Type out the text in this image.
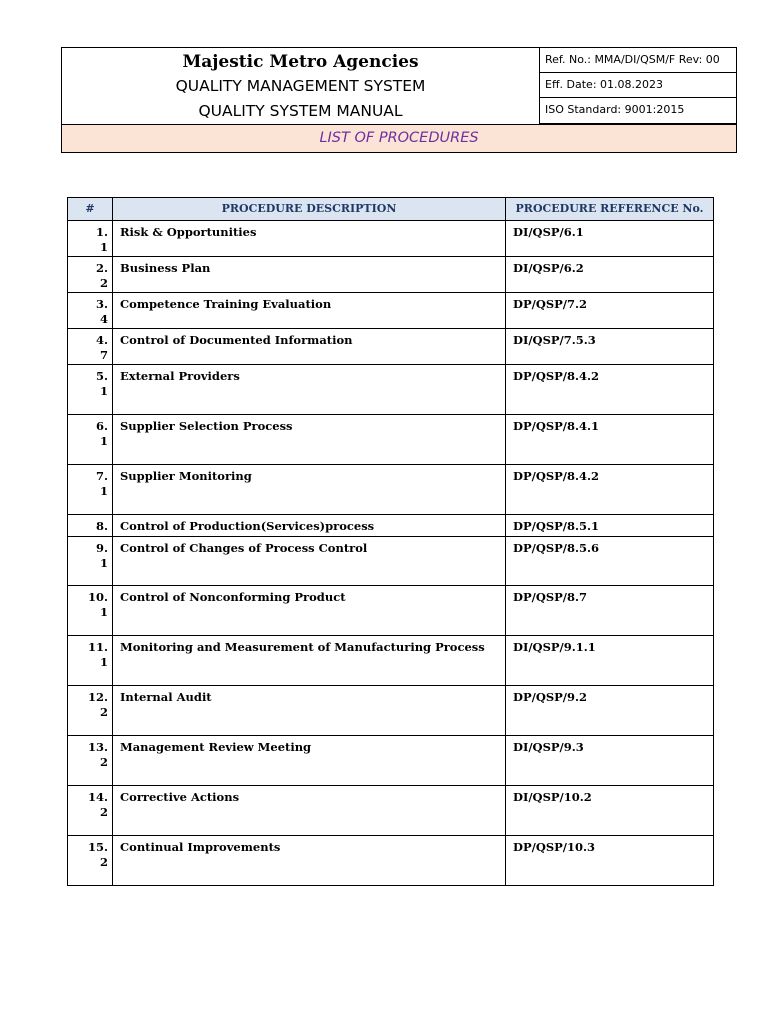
Majestic Metro Agencies
QUALITY MANAGEMENT SYSTEM
QUALITY SYSTEM MANUAL
Ref. No.: MMA/DI/QSM/F Rev: 00
Eff. Date: 01.08.2023
ISO Standard: 9001:2015
LIST OF PROCEDURES
#	PROCEDURE DESCRIPTION	PROCEDURE REFERENCE No.

1.
1	Risk & Opportunities	DI/QSP/6.1

2.
2	Business Plan	DI/QSP/6.2

3.
4	Competence Training Evaluation	DP/QSP/7.2

4.
7	Control of Documented Information	DI/QSP/7.5.3

5.
1	External Providers	DP/QSP/8.4.2

6.
1	Supplier Selection Process	DP/QSP/8.4.1

7.
1	Supplier Monitoring	DP/QSP/8.4.2

8.	Control of Production(Services)process	DP/QSP/8.5.1

9.
1	Control of Changes of Process Control	DP/QSP/8.5.6

10.
1	Control of Nonconforming Product	DP/QSP/8.7

11.
1	Monitoring and Measurement of Manufacturing Process	DI/QSP/9.1.1

12.
2	Internal Audit	DP/QSP/9.2

13.
2	Management Review Meeting	DI/QSP/9.3

14.
2	Corrective Actions	DI/QSP/10.2

15.
2	Continual Improvements	DP/QSP/10.3
